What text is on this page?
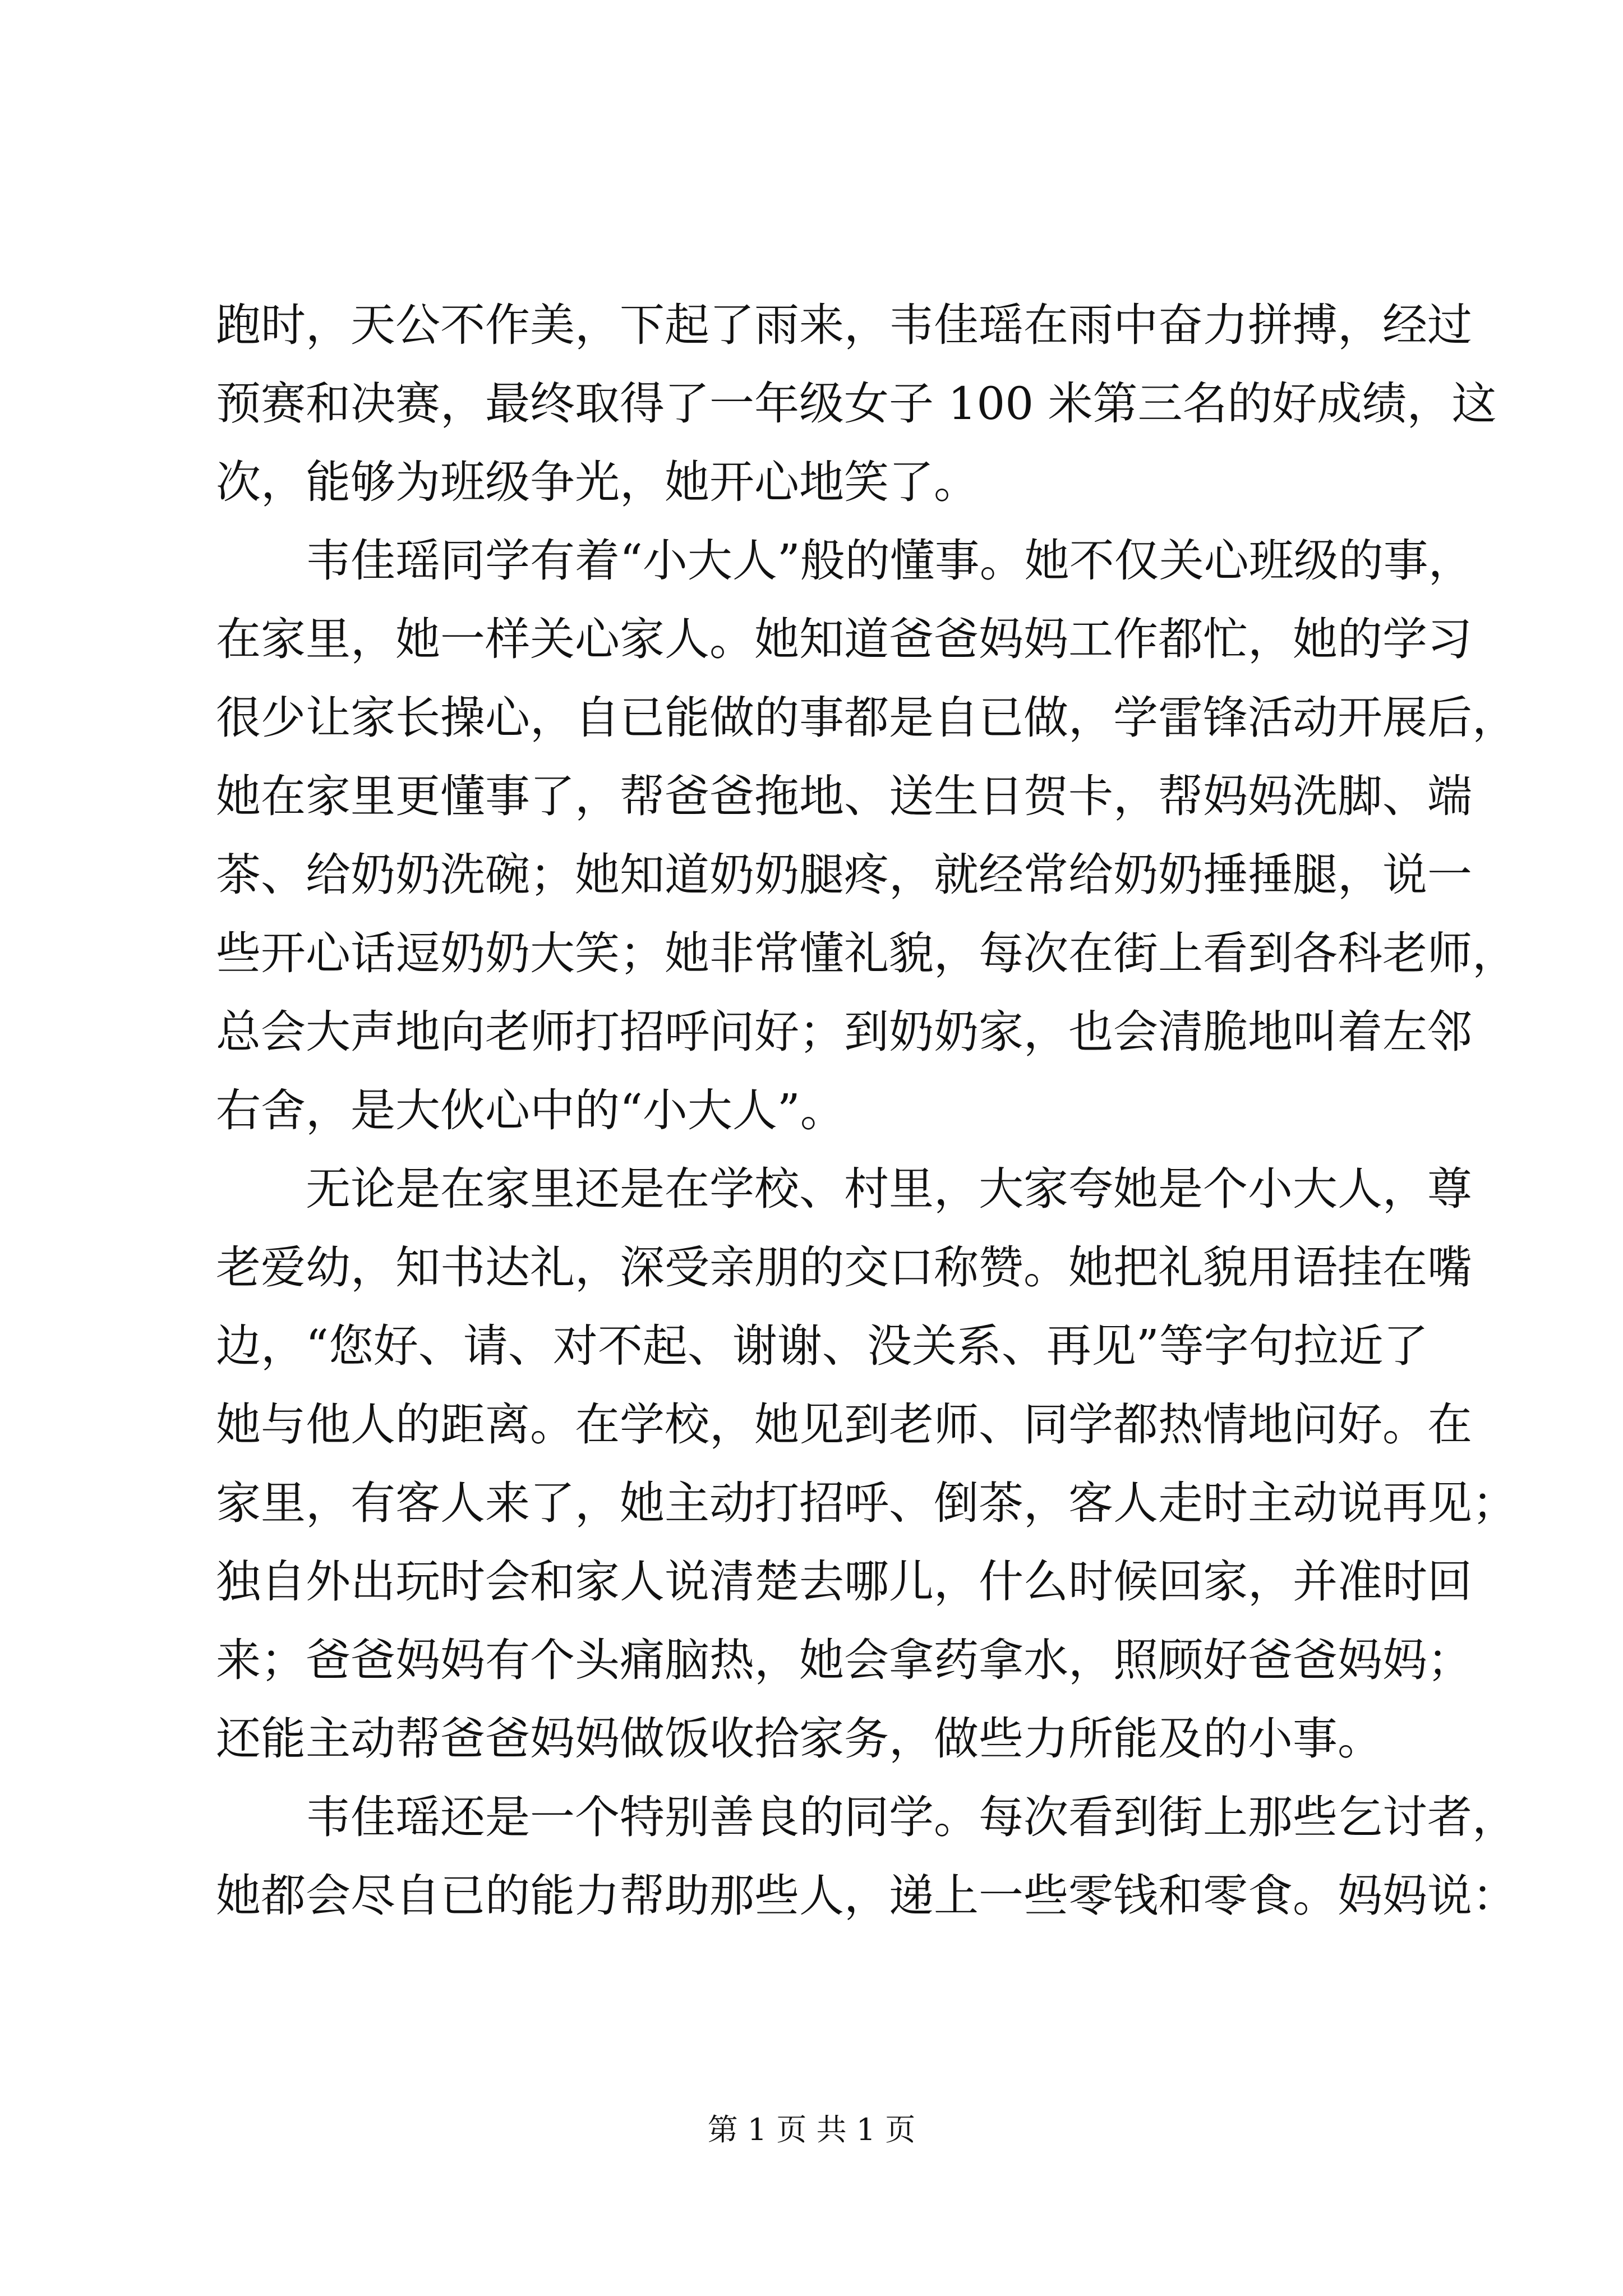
跑时，天公不作美，下起了雨来，韦佳瑶在雨中奋力拼搏，经过
预赛和决赛，最终取得了一年级女子 100 米第三名的好成绩，这
次，能够为班级争光，她开心地笑了。
韦佳瑶同学有着“小大人”般的懂事。她不仅关心班级的事，
在家里，她一样关心家人。她知道爸爸妈妈工作都忙，她的学习
很少让家长操心，自已能做的事都是自已做，学雷锋活动开展后，
她在家里更懂事了，帮爸爸拖地、送生日贺卡，帮妈妈洗脚、端
茶、给奶奶洗碗；她知道奶奶腿疼，就经常给奶奶捶捶腿，说一
些开心话逗奶奶大笑；她非常懂礼貌，每次在街上看到各科老师，
总会大声地向老师打招呼问好；到奶奶家，也会清脆地叫着左邻
右舍，是大伙心中的“小大人”。
无论是在家里还是在学校、村里，大家夸她是个小大人，尊
老爱幼，知书达礼，深受亲朋的交口称赞。她把礼貌用语挂在嘴
边，“您好、请、对不起、谢谢、没关系、再见”等字句拉近了
她与他人的距离。在学校，她见到老师、同学都热情地问好。在
家里，有客人来了，她主动打招呼、倒茶，客人走时主动说再见；
独自外出玩时会和家人说清楚去哪儿，什么时候回家，并准时回
来；爸爸妈妈有个头痛脑热，她会拿药拿水，照顾好爸爸妈妈；
还能主动帮爸爸妈妈做饭收拾家务，做些力所能及的小事。
韦佳瑶还是一个特别善良的同学。每次看到街上那些乞讨者，
她都会尽自已的能力帮助那些人，递上一些零钱和零食。妈妈说：
第 1 页 共 1 页
